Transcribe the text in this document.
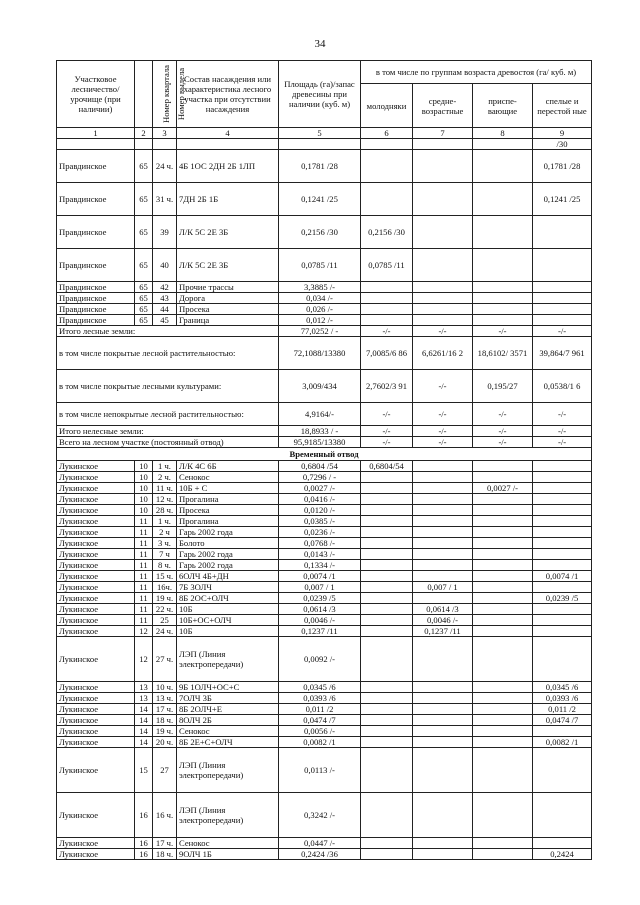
34
Участковое лесничество/ урочище (при наличии)	Номер квартала	Номер выдела	Состав насаждения или характеристика лесного участка при отсутствии насаждения	Площадь (га)/запас древесины при наличии (куб. м)	в том числе по группам возраста древостоя (га/ куб. м)			
					молодняки	средне-возрастные	приспе-вающие	спелые и перестой ные
1	2	3	4	5	6	7	8	9
								/30
Правдинское	65	24 ч.	4Б 1ОС 2ДН 2Б 1ЛП	0,1781 /28				0,1781 /28
Правдинское	65	31 ч.	7ДН 2Б 1Б	0,1241 /25				0,1241 /25
Правдинское	65	39	Л/К 5С 2Е 3Б	0,2156 /30	0,2156 /30			
Правдинское	65	40	Л/К 5С 2Е 3Б	0,0785 /11	0,0785 /11			
Правдинское	65	42	Прочие трассы	3,3885 /-				
Правдинское	65	43	Дорога	0,034 /-				
Правдинское	65	44	Просека	0,026 /-				
Правдинское	65	45	Граница	0,012 /-				
Итого лесные земли:				77,0252 / -	-/-	-/-	-/-	-/-
в том числе покрытые лесной растительностью:				72,1088/13380	7,0085/6 86	6,6261/16 2	18,6102/ 3571	39,864/7 961
в том числе покрытые лесными культурами:				3,009/434	2,7602/3 91	-/-	0,195/27	0,0538/1 6
в том числе непокрытые лесной растительностью:				4,9164/-	-/-	-/-	-/-	-/-
Итого нелесные земли:				18,8933 / -	-/-	-/-	-/-	-/-
Всего на лесном участке (постоянный отвод)				95,9185/13380	-/-	-/-	-/-	-/-
Временный отвод								
Лукинское	10	1 ч.	Л/К 4С 6Б	0,6804 /54	0,6804/54			
Лукинское	10	2 ч.	Сенокос	0,7296 / -				
Лукинское	10	11 ч.	10Б + С	0,0027 /-			0,0027 /-	
Лукинское	10	12 ч.	Прогалина	0,0416 /-				
Лукинское	10	28 ч.	Просека	0,0120 /-				
Лукинское	11	1 ч.	Прогалина	0,0385 /-				
Лукинское	11	2 ч	Гарь 2002 года	0,0236 /-				
Лукинское	11	3 ч.	Болото	0,0768 /-				
Лукинское	11	7 ч	Гарь 2002 года	0,0143 /-				
Лукинское	11	8 ч.	Гарь 2002 года	0,1334 /-				
Лукинское	11	15 ч.	6ОЛЧ 4Б+ДН	0,0074 /1				0,0074 /1
Лукинское	11	16ч.	7Б 3ОЛЧ	0,007 / 1		0,007 / 1		
Лукинское	11	19 ч.	8Б 2ОС+ОЛЧ	0,0239 /5				0,0239 /5
Лукинское	11	22 ч.	10Б	0,0614 /3		0,0614 /3		
Лукинское	11	25	10Б+ОС+ОЛЧ	0,0046 /-		0,0046 /-		
Лукинское	12	24 ч.	10Б	0,1237 /11		0,1237 /11		
Лукинское	12	27 ч.	ЛЭП (Линия электропередачи)	0,0092 /-				
Лукинское	13	10 ч.	9Б 1ОЛЧ+ОС+С	0,0345 /6				0,0345 /6
Лукинское	13	13 ч.	7ОЛЧ 3Б	0,0393 /6				0,0393 /6
Лукинское	14	17 ч.	8Б 2ОЛЧ+Е	0,011 /2				0,011 /2
Лукинское	14	18 ч.	8ОЛЧ 2Б	0,0474 /7				0,0474 /7
Лукинское	14	19 ч.	Сенокос	0,0056 /-				
Лукинское	14	20 ч.	8Б 2Е+С+ОЛЧ	0,0082 /1				0,0082 /1
Лукинское	15	27	ЛЭП (Линия электропередачи)	0,0113 /-				
Лукинское	16	16 ч.	ЛЭП (Линия электропередачи)	0,3242 /-				
Лукинское	16	17 ч.	Сенокос	0,0447 /-				
Лукинское	16	18 ч.	9ОЛЧ 1Б	0,2424 /36				0,2424
